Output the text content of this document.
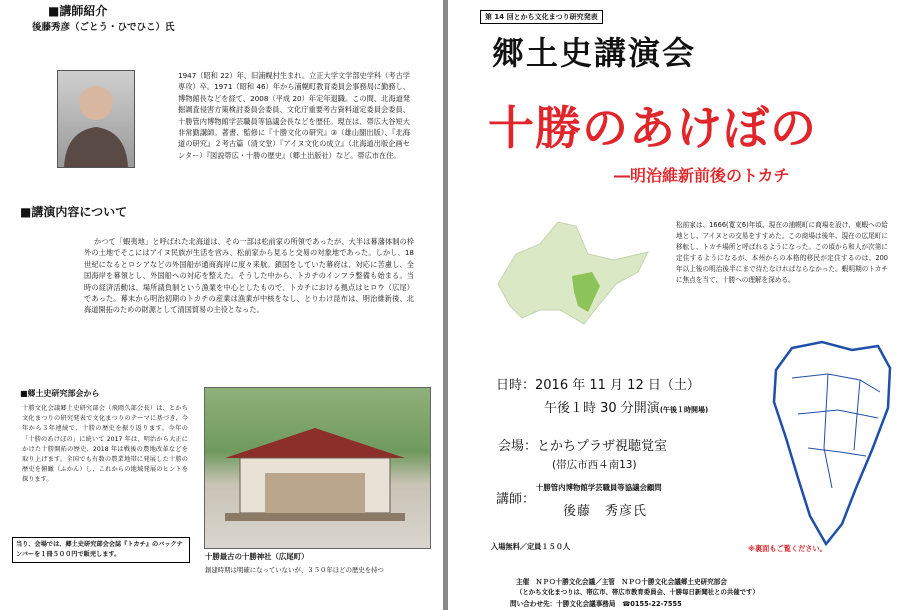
■講師紹介
後藤秀彦（ごとう・ひでひこ）氏
1947（昭和 22）年、旧浦幌村生まれ。立正大学文学部史学科（考古学専攻）卒。1971（昭和 46）年から浦幌町教育委員会事務局に勤務し、博物館長などを経て、2008（平成 20）年定年退職。この間、北海道発掘調査侵害方策検討委員会委員、文化庁重要考古資料道定委員会委員、十勝管内博物館学芸職員等協議会長などを歴任。現在は、帯広大谷短大非常勤講師。著書、監修に『十勝文化の研究』③（雄山閣出版）、『北海道の研究』２考古篇（清文堂）『アイヌ文化の成立』（北海道出版企画センター）『図説帯広・十勝の歴史』（郷土出版社）など。帯広市在住。
■講演内容について
かつて「蝦夷地」と呼ばれた北海道は、その一部は松前家の所領であったが、大半は幕藩体制の枠外の土地でそこにはアイヌ民族が生活を営み、松前家から見ると交易の対象地であった。しかし、18 世紀になるとロシアなどの外国船が通商海岸に度々来航。鎖国をしていた幕府は、対応に苦慮し、全国海岸を幕領とし、外国船への対応を整えた。そうした中から、トカチのインフラ整備も始まる。当時の経済活動は、場所請負制という漁業を中心としたもので、トカチにおける拠点はヒロウ（広尾）であった。幕末から明治初期のトカチの産業は漁業が中核をなし、とりわけ昆布は、明治維新後、北海道開拓のための財源として清国貿易の主役となった。
■郷土史研究部会から
十勝文化会議郷土史研究部会（飛岡久部会長）は、とかち文化まつりの研究発表で文化まつりのテーマに基づき、今年から３年連続で、十勝の歴史を振り返ります。今年の「十勝のあけぼの」に続いて 2017 年は、明治から大正にかけた十勝開拓の歴史、2018 年は戦後の農地改革などを取り上げます。全国でも有数の農業地帯に発展した十勝の歴史を俯瞰（ふかん）し、これからの地域発展のヒントを探ります。
当り、会場では、郷土史研究部会会誌『トカチ』のバックナンバーを１冊５００円で販売します。	十勝最古の十勝神社（広尾町）
創建時期は明確になっていないが、３５０年ほどの歴史を持つ
第 14 回とかち文化まつり研究発表
郷土史講演会
十勝のあけぼの
―明治維新前後のトカチ
松前家は、1666(寛文6)年頃、現在の浦幌町に商場を設け、東蝦への給地とし、アイヌとの交易をすすめた。この商場は後年、現在の広尾町に移転し、トカチ場所と呼ばれるようになった。この頃から和人が次第に定住するようになるが、本州からの本格的移民が定住するのは、200 年以上後の明治後半にまで待たなければならなかった。蝦明期のトカチに焦点を当て、十勝への理解を深める。
日時：2016 年 11 月 12 日（土）
午後１時 30 分開演(午後１時開場)
会場：とかちプラザ視聴覚室
(帯広市西４南13)
講師：
十勝管内博物館学芸職員等協議会顧問
後藤　秀彦氏
入場無料／定員１５０人	※裏面もご覧ください。
主催　ＮＰＯ十勝文化会議／主管　ＮＰＯ十勝文化会議郷土史研究部会
（とかち文化まつりは、帯広市、帯広市教育委員会、十勝毎日新聞社との共催です）
問い合わせ先：十勝文化会議事務局　☎0155-22-7555
